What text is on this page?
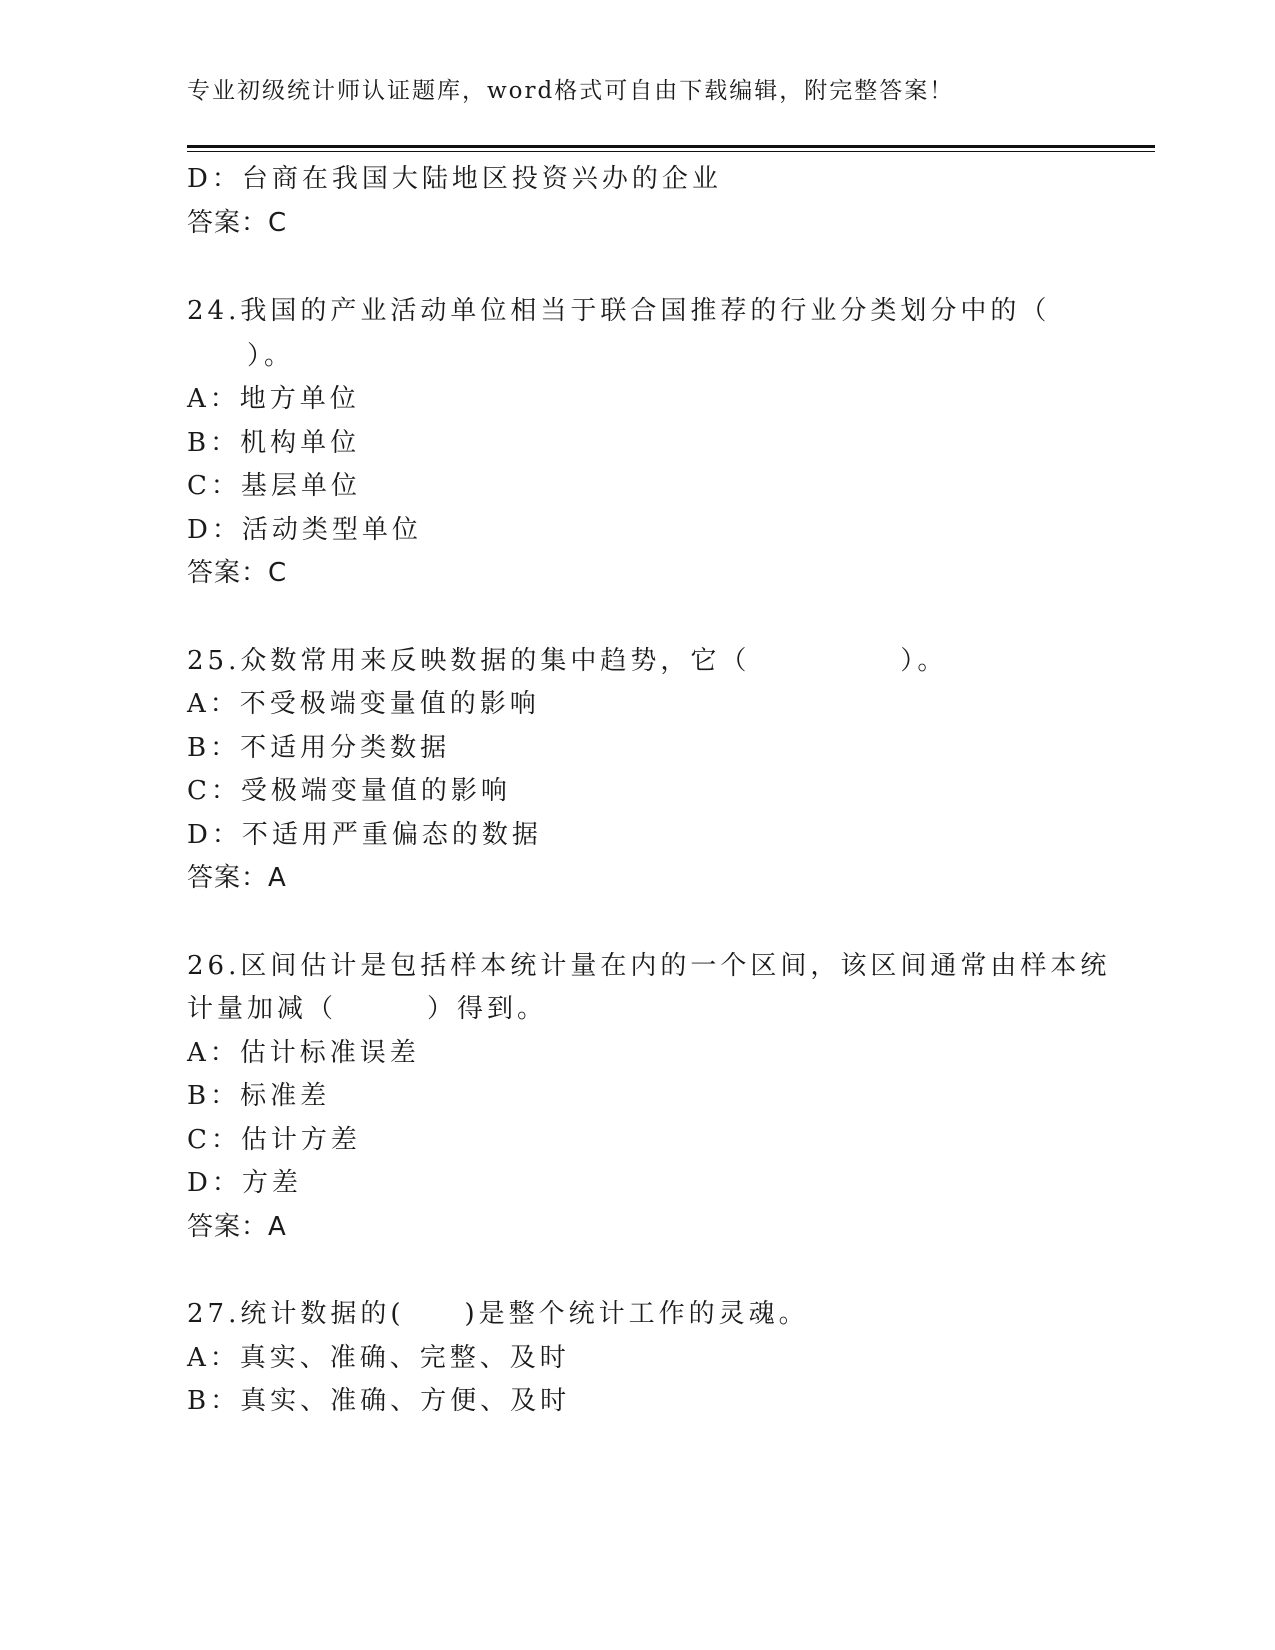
专业初级统计师认证题库，word格式可自由下载编辑，附完整答案！
D：台商在我国大陆地区投资兴办的企业
答案：C
24.我国的产业活动单位相当于联合国推荐的行业分类划分中的（
　　）。
A：地方单位
B：机构单位
C：基层单位
D：活动类型单位
答案：C
25.众数常用来反映数据的集中趋势，它（　　　　　）。
A：不受极端变量值的影响
B：不适用分类数据
C：受极端变量值的影响
D：不适用严重偏态的数据
答案：A
26.区间估计是包括样本统计量在内的一个区间，该区间通常由样本统
计量加减（　　　）得到。
A：估计标准误差
B：标准差
C：估计方差
D：方差
答案：A
27.统计数据的(　　)是整个统计工作的灵魂。
A：真实、准确、完整、及时
B：真实、准确、方便、及时
